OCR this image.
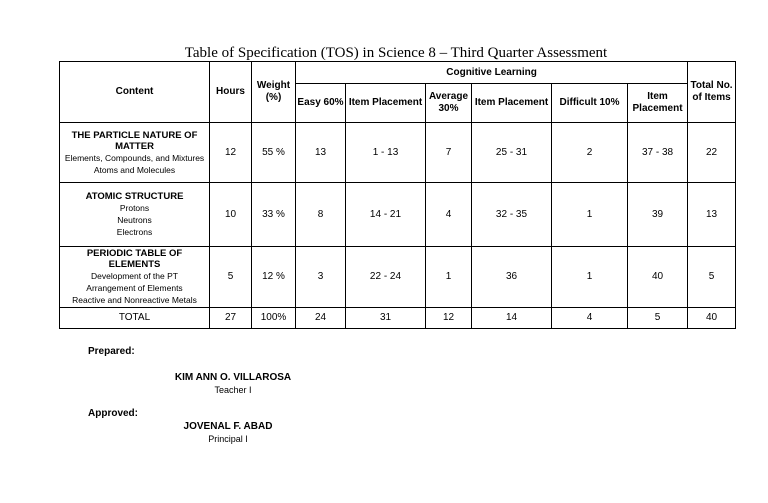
Table of Specification (TOS) in Science 8 – Third Quarter Assessment
Content	Hours	Weight (%)	Cognitive Learning						Total No. of Items
			Easy 60%	Item Placement	Average 30%	Item Placement	Difficult 10%	Item Placement	

THE PARTICLE NATURE OF
MATTER
Elements, Compounds, and Mixtures
Atoms and Molecules	12	55 %	13	1 - 13	7	25 - 31	2	37 - 38	22

ATOMIC STRUCTURE
Protons
Neutrons
Electrons	10	33 %	8	14 - 21	4	32 - 35	1	39	13

PERIODIC TABLE OF ELEMENTS
Development of the PT
Arrangement of Elements
Reactive and Nonreactive Metals	5	12 %	3	22 - 24	1	36	1	40	5
TOTAL	27	100%	24	31	12	14	4	5	40
Prepared:
KIM ANN O. VILLAROSA
Teacher I
Approved:
JOVENAL F. ABAD
Principal I
